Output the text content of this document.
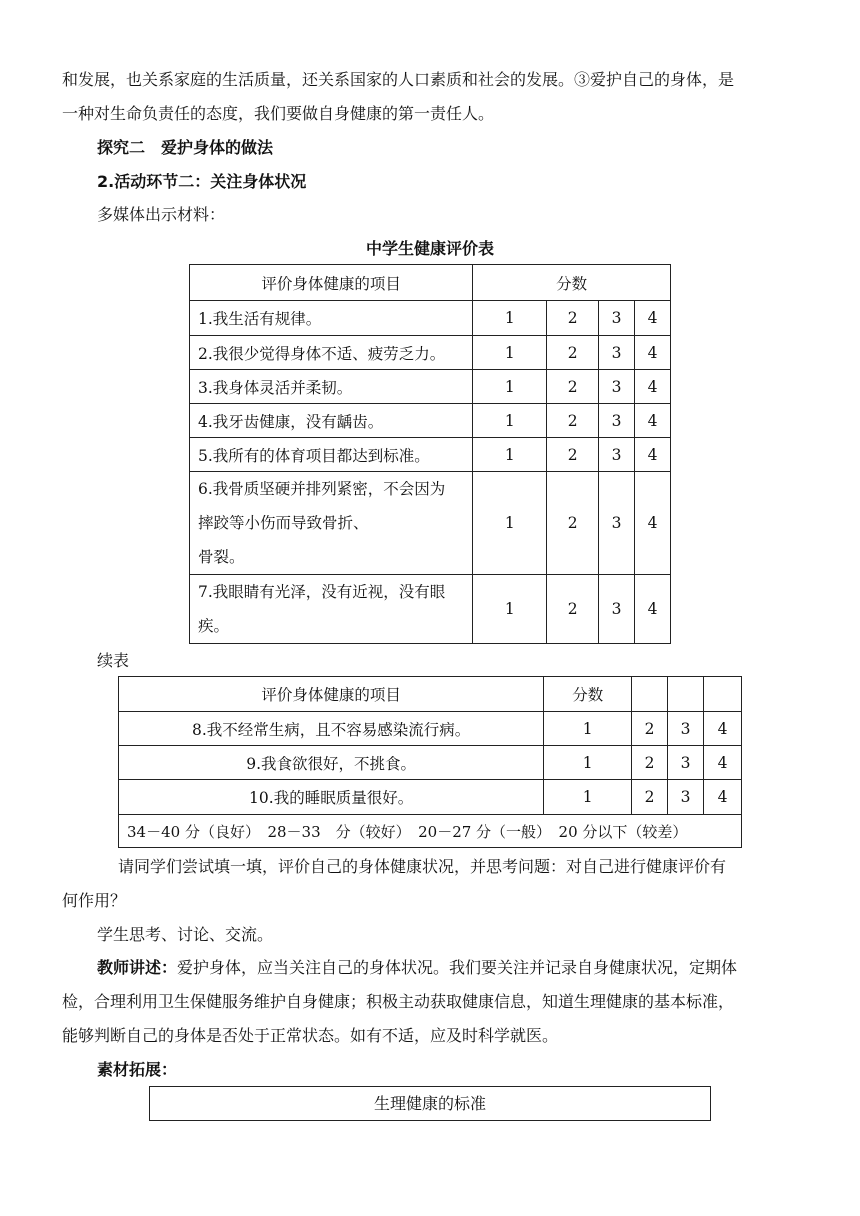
和发展，也关系家庭的生活质量，还关系国家的人口素质和社会的发展。③爱护自己的身体，是
一种对生命负责任的态度，我们要做自身健康的第一责任人。
探究二　爱护身体的做法
2.活动环节二：关注身体状况
多媒体出示材料：
中学生健康评价表
评价身体健康的项目	分数			
1.我生活有规律。	1	2	3	4
2.我很少觉得身体不适、疲劳乏力。	1	2	3	4
3.我身体灵活并柔韧。	1	2	3	4
4.我牙齿健康，没有龋齿。	1	2	3	4
5.我所有的体育项目都达到标准。	1	2	3	4

6.我骨质坚硬并排列紧密，不会因为
摔跤等小伤而导致骨折、
骨裂。	1	2	3	4

7.我眼睛有光泽，没有近视，没有眼
疾。	1	2	3	4
续表
评价身体健康的项目	分数			
8.我不经常生病，且不容易感染流行病。	1	2	3	4
9.我食欲很好，不挑食。	1	2	3	4
10.我的睡眠质量很好。	1	2	3	4
34－40 分（良好）　28－33　分（较好）　20－27 分（一般）　20 分以下（较差）				
请同学们尝试填一填，评价自己的身体健康状况，并思考问题：对自己进行健康评价有
何作用？
学生思考、讨论、交流。
教师讲述：爱护身体，应当关注自己的身体状况。我们要关注并记录自身健康状况，定期体
检，合理利用卫生保健服务维护自身健康；积极主动获取健康信息，知道生理健康的基本标准，
能够判断自己的身体是否处于正常状态。如有不适，应及时科学就医。
素材拓展：
生理健康的标准
